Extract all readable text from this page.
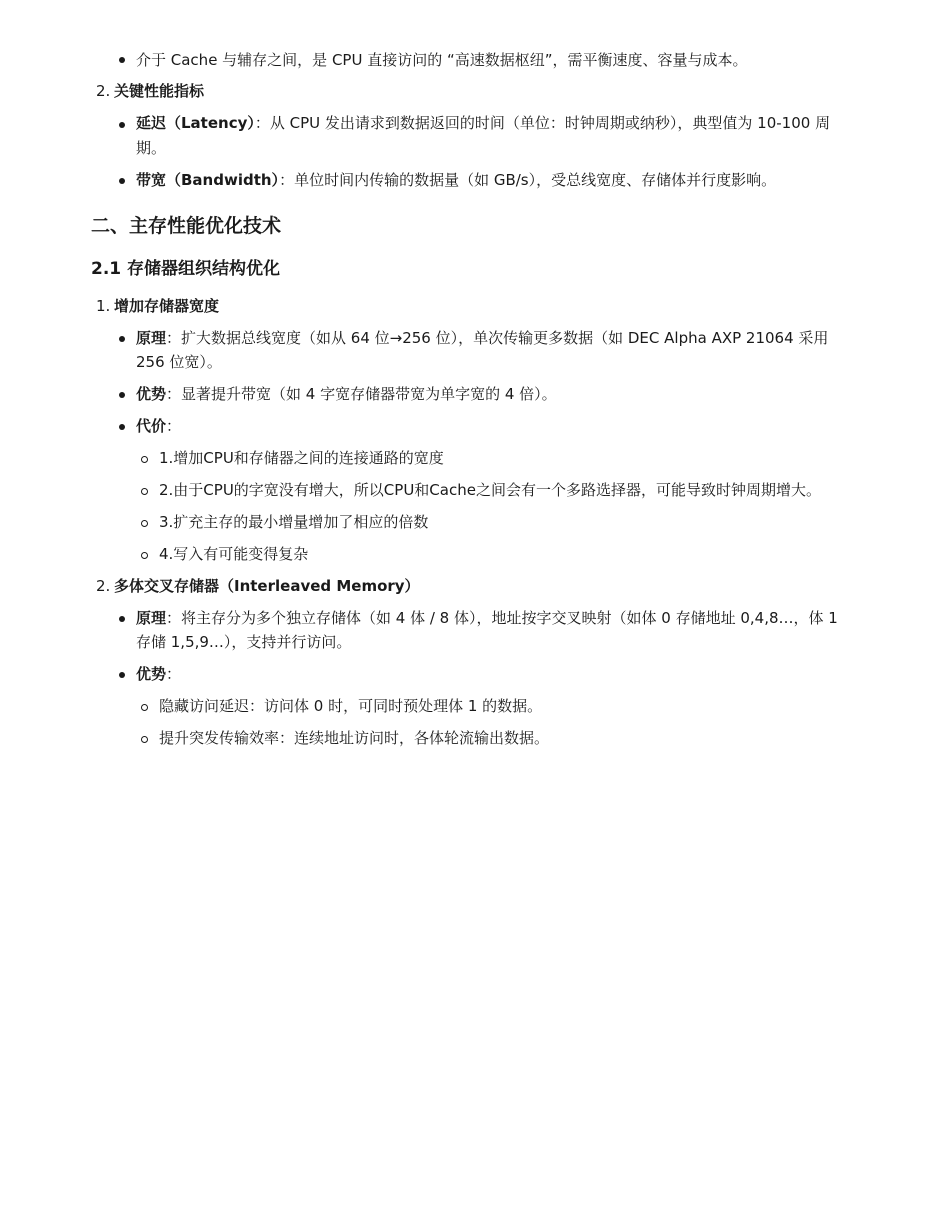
介于 Cache 与辅存之间，是 CPU 直接访问的 “高速数据枢纽”，需平衡速度、容量与成本。
2. 关键性能指标
延迟（Latency）：从 CPU 发出请求到数据返回的时间（单位：时钟周期或纳秒），典型值为 10-100 周
期。
带宽（Bandwidth）：单位时间内传输的数据量（如 GB/s），受总线宽度、存储体并行度影响。
二、主存性能优化技术
2.1 存储器组织结构优化
1. 增加存储器宽度
原理：扩大数据总线宽度（如从 64 位→256 位），单次传输更多数据（如 DEC Alpha AXP 21064 采用
256 位宽）。
优势：显著提升带宽（如 4 字宽存储器带宽为单字宽的 4 倍）。
代价：
1.增加CPU和存储器之间的连接通路的宽度
2.由于CPU的字宽没有增大，所以CPU和Cache之间会有一个多路选择器，可能导致时钟周期增大。
3.扩充主存的最小增量增加了相应的倍数
4.写入有可能变得复杂
2. 多体交叉存储器（Interleaved Memory）
原理：将主存分为多个独立存储体（如 4 体 / 8 体），地址按字交叉映射（如体 0 存储地址 0,4,8…，体 1
存储 1,5,9…），支持并行访问。
优势：
隐藏访问延迟：访问体 0 时，可同时预处理体 1 的数据。
提升突发传输效率：连续地址访问时，各体轮流输出数据。
